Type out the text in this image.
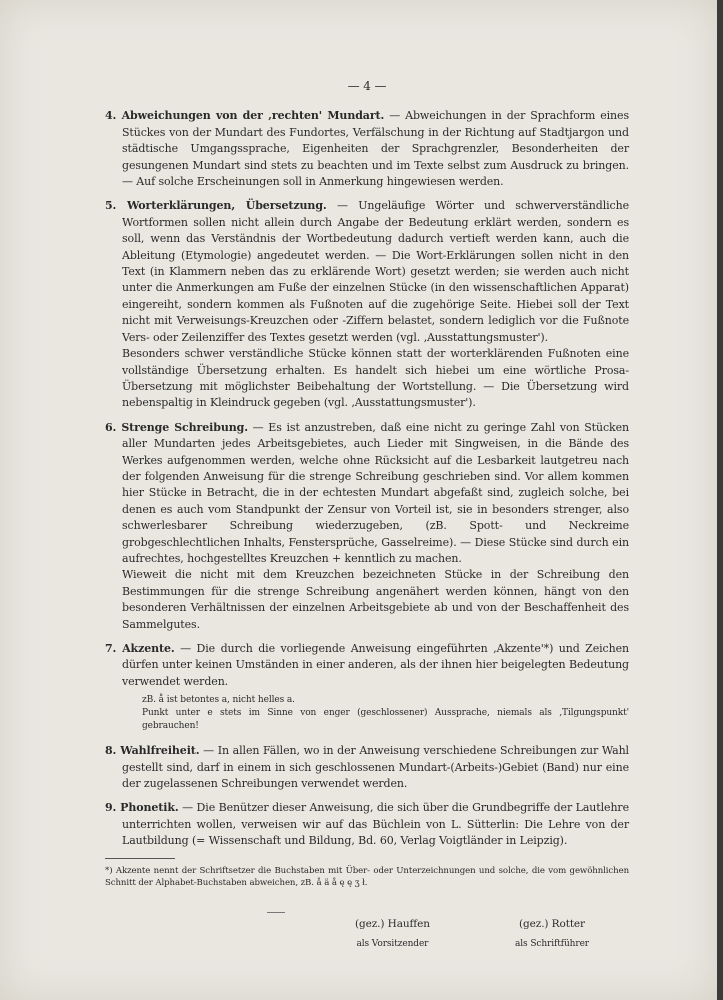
— 4 —

4. Abweichungen von der ‚rechten' Mundart. — Abweichungen in der Sprachform eines Stückes von der Mundart des Fundortes, Verfälschung in der Richtung auf Stadtjargon und städtische Umgangssprache, Eigenheiten der Sprachgrenzler, Besonderheiten der gesungenen Mundart sind stets zu beachten und im Texte selbst zum Ausdruck zu bringen. — Auf solche Erscheinungen soll in Anmerkung hingewiesen werden.

5. Worterklärungen, Übersetzung. — Ungeläufige Wörter und schwerverständliche Wortformen sollen nicht allein durch Angabe der Bedeutung erklärt werden, sondern es soll, wenn das Verständnis der Wortbedeutung dadurch vertieft werden kann, auch die Ableitung (Etymologie) angedeutet werden. — Die Wort-Erklärungen sollen nicht in den Text (in Klammern neben das zu erklärende Wort) gesetzt werden; sie werden auch nicht unter die Anmerkungen am Fuße der einzelnen Stücke (in den wissenschaftlichen Apparat) eingereiht, sondern kommen als Fußnoten auf die zugehörige Seite. Hiebei soll der Text nicht mit Verweisungs-Kreuzchen oder -Ziffern belastet, sondern lediglich vor die Fußnote Vers- oder Zeilenziffer des Textes gesetzt werden (vgl. ‚Ausstattungsmuster').

Besonders schwer verständliche Stücke können statt der worterklärenden Fußnoten eine vollständige Übersetzung erhalten. Es handelt sich hiebei um eine wörtliche Prosa-Übersetzung mit möglichster Beibehaltung der Wortstellung. — Die Übersetzung wird nebenspaltig in Kleindruck gegeben (vgl. ‚Ausstattungsmuster').

6. Strenge Schreibung. — Es ist anzustreben, daß eine nicht zu geringe Zahl von Stücken aller Mundarten jedes Arbeitsgebietes, auch Lieder mit Singweisen, in die Bände des Werkes aufgenommen werden, welche ohne Rücksicht auf die Lesbarkeit lautgetreu nach der folgenden Anweisung für die strenge Schreibung geschrieben sind. Vor allem kommen hier Stücke in Betracht, die in der echtesten Mundart abgefaßt sind, zugleich solche, bei denen es auch vom Standpunkt der Zensur von Vorteil ist, sie in besonders strenger, also schwerlesbarer Schreibung wiederzugeben, (zB. Spott- und Neckreime grobgeschlechtlichen Inhalts, Fenstersprüche, Gasselreime). — Diese Stücke sind durch ein aufrechtes, hochgestelltes Kreuzchen + kenntlich zu machen.

Wieweit die nicht mit dem Kreuzchen bezeichneten Stücke in der Schreibung den Bestimmungen für die strenge Schreibung angenähert werden können, hängt von den besonderen Verhältnissen der einzelnen Arbeitsgebiete ab und von der Beschaffenheit des Sammelgutes.

7. Akzente. — Die durch die vorliegende Anweisung eingeführten ‚Akzente'*) und Zeichen dürfen unter keinen Umständen in einer anderen, als der ihnen hier beigelegten Bedeutung verwendet werden.

zB. å ist betontes a, nicht helles a.
Punkt unter e stets im Sinne von enger (geschlossener) Aussprache, niemals als ‚Tilgungspunkt' gebrauchen!

8. Wahlfreiheit. — In allen Fällen, wo in der Anweisung verschiedene Schreibungen zur Wahl gestellt sind, darf in einem in sich geschlossenen Mundart-(Arbeits-)Gebiet (Band) nur eine der zugelassenen Schreibungen verwendet werden.

9. Phonetik. — Die Benützer dieser Anweisung, die sich über die Grundbegriffe der Lautlehre unterrichten wollen, verweisen wir auf das Büchlein von L. Sütterlin: Die Lehre von der Lautbildung (= Wissenschaft und Bildung, Bd. 60, Verlag Voigtländer in Leipzig).

*) Akzente nennt der Schriftsetzer die Buchstaben mit Über- oder Unterzeichnungen und solche, die vom gewöhnlichen Schnitt der Alphabet-Buchstaben abweichen, zB. å ä å ę ę ʒ ł.
(gez.) Hauffen
als Vorsitzender
(gez.) Rotter
als Schriftführer
